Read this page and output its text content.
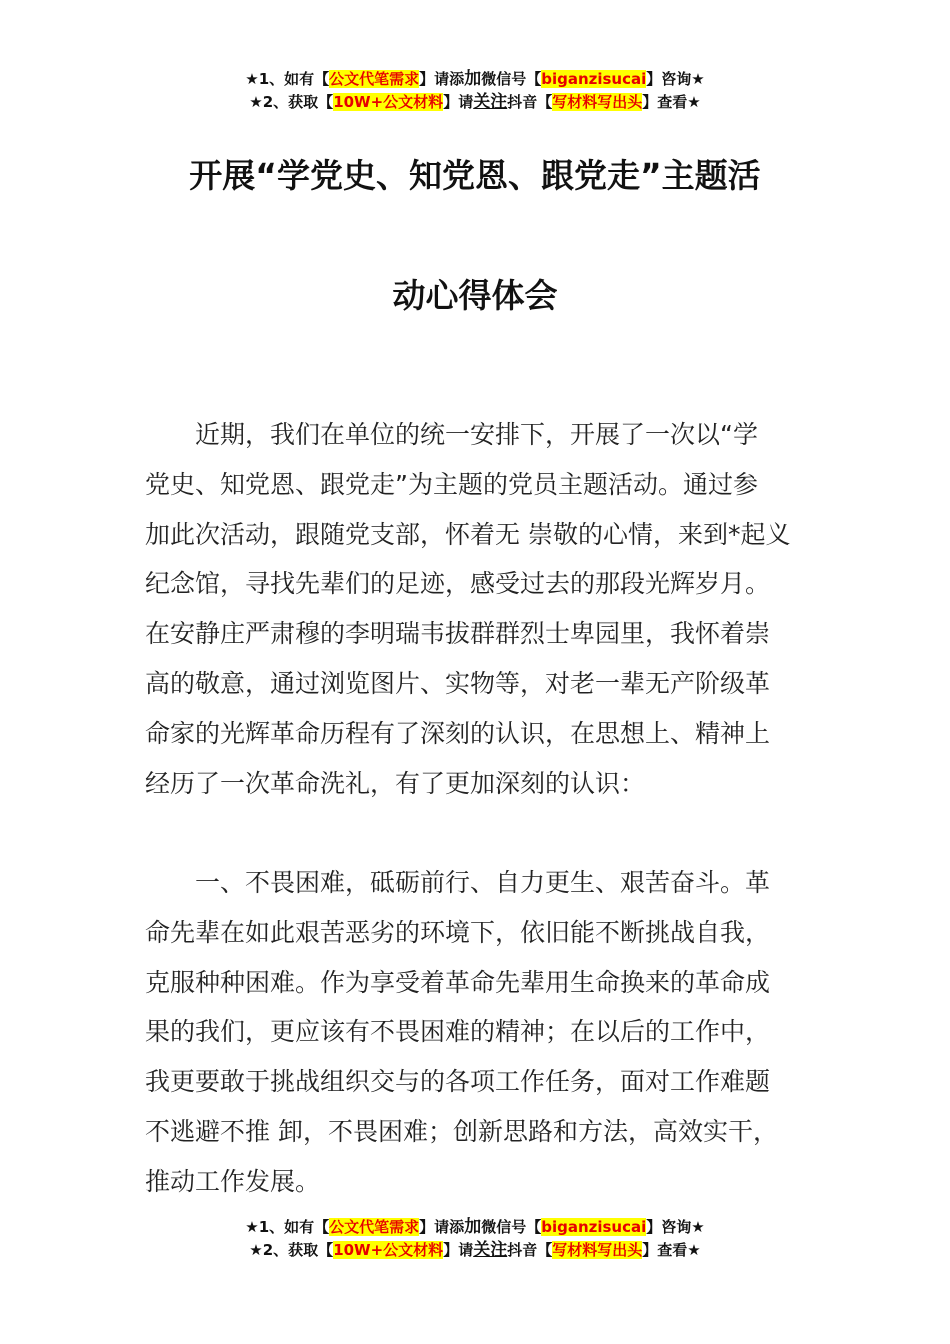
★1、如有【公文代笔需求】请添加微信号【biganzisucai】咨询★
★2、获取【10W+公文材料】请关注抖音【写材料写出头】查看★
开展“学党史、知党恩、跟党走”主题活
动心得体会
　　近期，我们在单位的统一安排下，开展了一次以“学
党史、知党恩、跟党走”为主题的党员主题活动。通过参
加此次活动，跟随党支部，怀着无 崇敬的心情，来到*起义
纪念馆，寻找先辈们的足迹，感受过去的那段光辉岁月。
在安静庄严肃穆的李明瑞韦拔群群烈士卑园里，我怀着崇
高的敬意，通过浏览图片、实物等，对老一辈无产阶级革
命家的光辉革命历程有了深刻的认识，在思想上、精神上
经历了一次革命洗礼，有了更加深刻的认识：
　　一、不畏困难，砥砺前行、自力更生、艰苦奋斗。革
命先辈在如此艰苦恶劣的环境下，依旧能不断挑战自我，
克服种种困难。作为享受着革命先辈用生命换来的革命成
果的我们，更应该有不畏困难的精神；在以后的工作中，
我更要敢于挑战组织交与的各项工作任务，面对工作难题
不逃避不推 卸，不畏困难；创新思路和方法，高效实干，
推动工作发展。
★1、如有【公文代笔需求】请添加微信号【biganzisucai】咨询★
★2、获取【10W+公文材料】请关注抖音【写材料写出头】查看★
